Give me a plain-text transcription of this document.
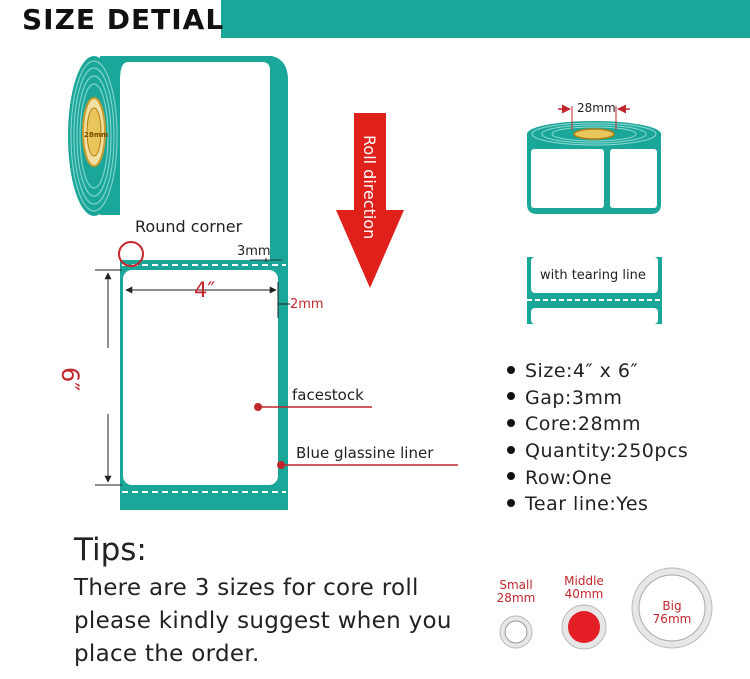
SIZE DETIAL
28mm
28mm
Round corner
3mm
4″
2mm
6″
facestock
Blue glassine liner
Roll direction
with tearing line
Size:4″ x 6″
Gap:3mm
Core:28mm
Quantity:250pcs
Row:One
Tear line:Yes
Tips:
There are 3 sizes for core roll
please kindly suggest when you
place the order.
Small
28mm
Middle
40mm
Big
76mm
